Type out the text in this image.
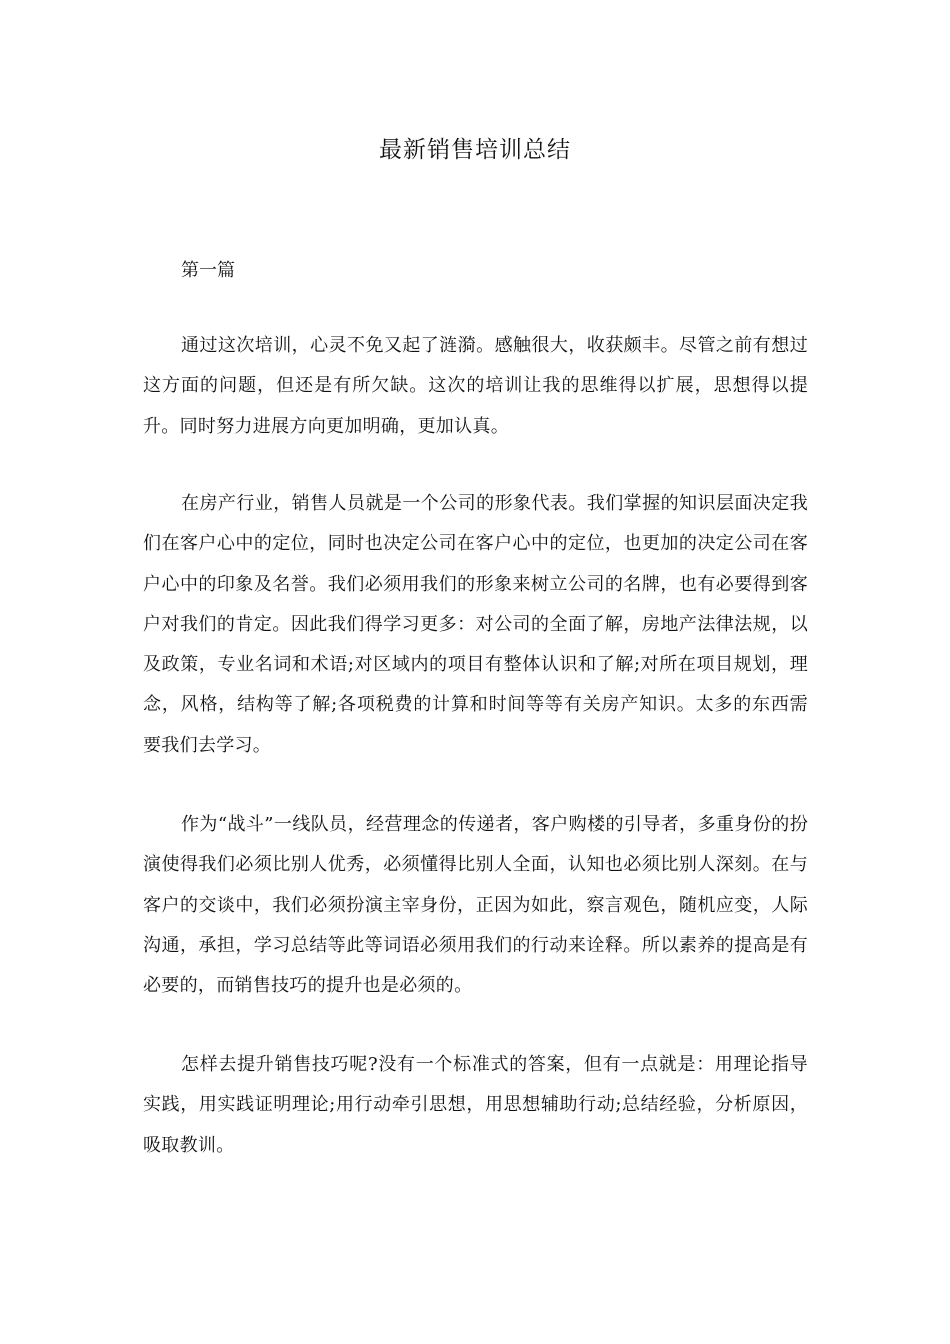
最新销售培训总结

第一篇

通过这次培训，心灵不免又起了涟漪。感触很大，收获颇丰。尽管之前有想过这方面的问题，但还是有所欠缺。这次的培训让我的思维得以扩展，思想得以提升。同时努力进展方向更加明确，更加认真。

在房产行业，销售人员就是一个公司的形象代表。我们掌握的知识层面决定我们在客户心中的定位，同时也决定公司在客户心中的定位，也更加的决定公司在客户心中的印象及名誉。我们必须用我们的形象来树立公司的名牌，也有必要得到客户对我们的肯定。因此我们得学习更多：对公司的全面了解，房地产法律法规，以及政策，专业名词和术语;对区域内的项目有整体认识和了解;对所在项目规划，理念，风格，结构等了解;各项税费的计算和时间等等有关房产知识。太多的东西需要我们去学习。

作为“战斗”一线队员，经营理念的传递者，客户购楼的引导者，多重身份的扮演使得我们必须比别人优秀，必须懂得比别人全面，认知也必须比别人深刻。在与客户的交谈中，我们必须扮演主宰身份，正因为如此，察言观色，随机应变，人际沟通，承担，学习总结等此等词语必须用我们的行动来诠释。所以素养的提高是有必要的，而销售技巧的提升也是必须的。

怎样去提升销售技巧呢?没有一个标准式的答案，但有一点就是：用理论指导实践，用实践证明理论;用行动牵引思想，用思想辅助行动;总结经验，分析原因，吸取教训。
